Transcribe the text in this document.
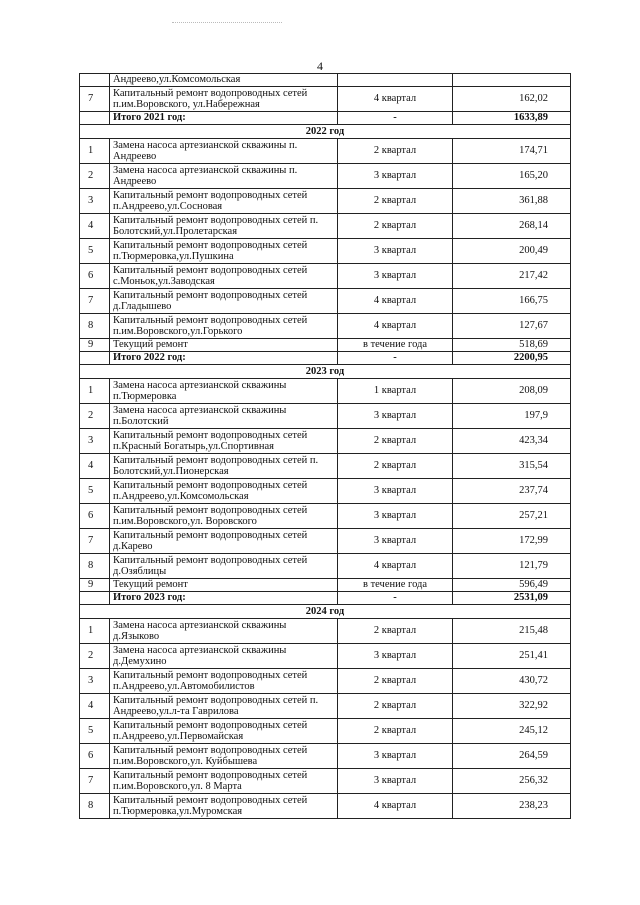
4
	Андреево,ул.Комсомольская		
7	Капитальный ремонт водопроводных сетей п.им.Воровского, ул.Набережная	4 квартал	162,02
	Итого 2021 год:	-	1633,89
2022 год			
1	Замена насоса артезианской скважины п. Андреево	2 квартал	174,71
2	Замена насоса артезианской скважины п. Андреево	3 квартал	165,20
3	Капитальный ремонт водопроводных сетей п.Андреево,ул.Сосновая	2 квартал	361,88
4	Капитальный ремонт водопроводных сетей п. Болотский,ул.Пролетарская	2 квартал	268,14
5	Капитальный ремонт водопроводных сетей п.Тюрмеровка,ул.Пушкина	3 квартал	200,49
6	Капитальный ремонт водопроводных сетей с.Моньок,ул.Заводская	3 квартал	217,42
7	Капитальный ремонт водопроводных сетей д.Гладышево	4 квартал	166,75
8	Капитальный ремонт водопроводных сетей п.им.Воровского,ул.Горького	4 квартал	127,67
9	Текущий ремонт	в течение года	518,69
	Итого 2022 год:	-	2200,95
2023 год			
1	Замена насоса артезианской скважины п.Тюрмеровка	1 квартал	208,09
2	Замена насоса артезианской скважины п.Болотский	3 квартал	197,9
3	Капитальный ремонт водопроводных сетей п.Красный Богатырь,ул.Спортивная	2 квартал	423,34
4	Капитальный ремонт водопроводных сетей п. Болотский,ул.Пионерская	2 квартал	315,54
5	Капитальный ремонт водопроводных сетей п.Андреево,ул.Комсомольская	3 квартал	237,74
6	Капитальный ремонт водопроводных сетей п.им.Воровского,ул. Воровского	3 квартал	257,21
7	Капитальный ремонт водопроводных сетей д.Карево	3 квартал	172,99
8	Капитальный ремонт водопроводных сетей д.Озяблицы	4 квартал	121,79
9	Текущий ремонт	в течение года	596,49
	Итого 2023 год:	-	2531,09
2024 год			
1	Замена насоса артезианской скважины д.Языково	2 квартал	215,48
2	Замена насоса артезианской скважины д.Демухино	3 квартал	251,41
3	Капитальный ремонт водопроводных сетей п.Андреево,ул.Автомобилистов	2 квартал	430,72
4	Капитальный ремонт водопроводных сетей п. Андреево,ул.л-та Гаврилова	2 квартал	322,92
5	Капитальный ремонт водопроводных сетей п.Андреево,ул.Первомайская	2 квартал	245,12
6	Капитальный ремонт водопроводных сетей п.им.Воровского,ул. Куйбышева	3 квартал	264,59
7	Капитальный ремонт водопроводных сетей п.им.Воровского,ул. 8 Марта	3 квартал	256,32
8	Капитальный ремонт водопроводных сетей п.Тюрмеровка,ул.Муромская	4 квартал	238,23
